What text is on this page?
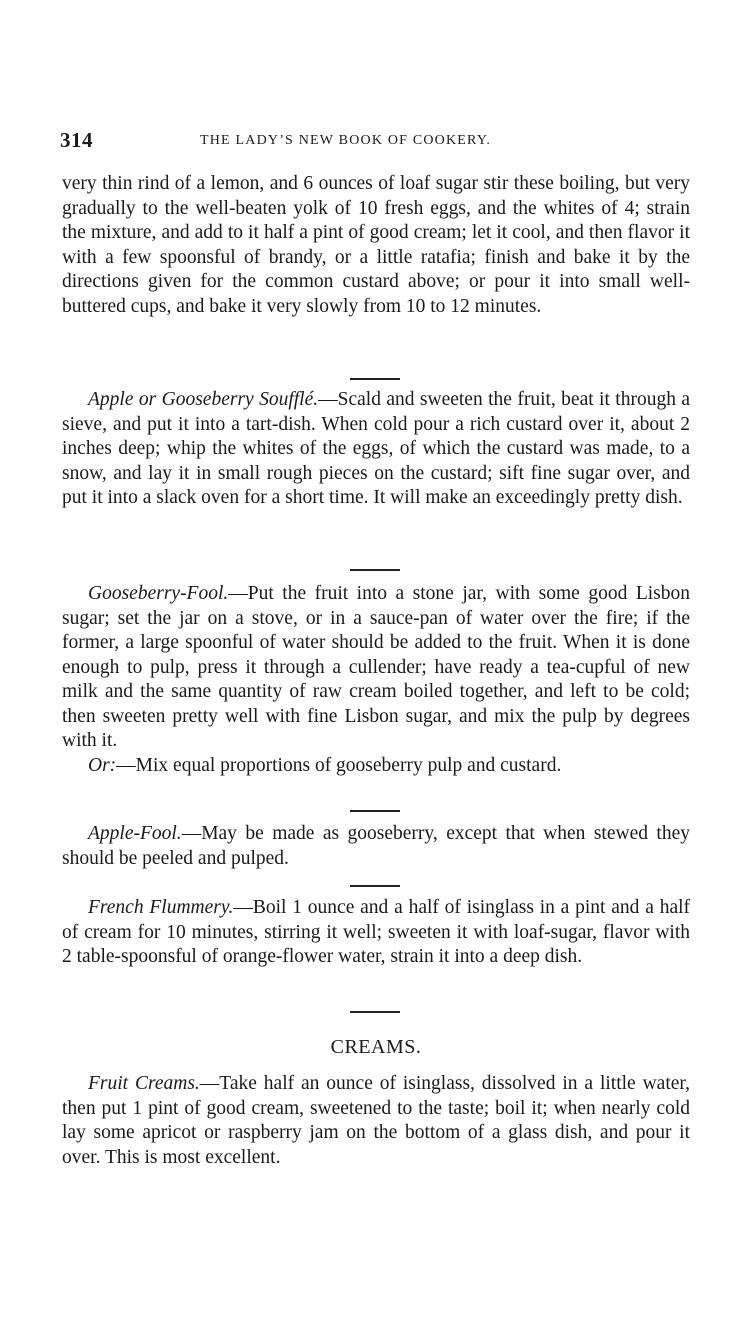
314	THE LADY’S NEW BOOK OF COOKERY.

very thin rind of a lemon, and 6 ounces of loaf sugar stir these boiling, but very gradually to the well-beaten yolk of 10 fresh eggs, and the whites of 4; strain the mixture, and add to it half a pint of good cream; let it cool, and then flavor it with a few spoonsful of brandy, or a little ratafia; finish and bake it by the directions given for the common custard above; or pour it into small well-buttered cups, and bake it very slowly from 10 to 12 minutes.

Apple or Gooseberry Soufflé.—Scald and sweeten the fruit, beat it through a sieve, and put it into a tart-dish. When cold pour a rich custard over it, about 2 inches deep; whip the whites of the eggs, of which the custard was made, to a snow, and lay it in small rough pieces on the custard; sift fine sugar over, and put it into a slack oven for a short time. It will make an exceedingly pretty dish.

Gooseberry-Fool.—Put the fruit into a stone jar, with some good Lisbon sugar; set the jar on a stove, or in a sauce-pan of water over the fire; if the former, a large spoonful of water should be added to the fruit. When it is done enough to pulp, press it through a cullender; have ready a tea-cupful of new milk and the same quantity of raw cream boiled together, and left to be cold; then sweeten pretty well with fine Lisbon sugar, and mix the pulp by degrees with it.

Or:—Mix equal proportions of gooseberry pulp and custard.

Apple-Fool.—May be made as gooseberry, except that when stewed they should be peeled and pulped.

French Flummery.—Boil 1 ounce and a half of isinglass in a pint and a half of cream for 10 minutes, stirring it well; sweeten it with loaf-sugar, flavor with 2 table-spoonsful of orange-flower water, strain it into a deep dish.

CREAMS.

Fruit Creams.—Take half an ounce of isinglass, dissolved in a little water, then put 1 pint of good cream, sweetened to the taste; boil it; when nearly cold lay some apricot or raspberry jam on the bottom of a glass dish, and pour it over. This is most excellent.
